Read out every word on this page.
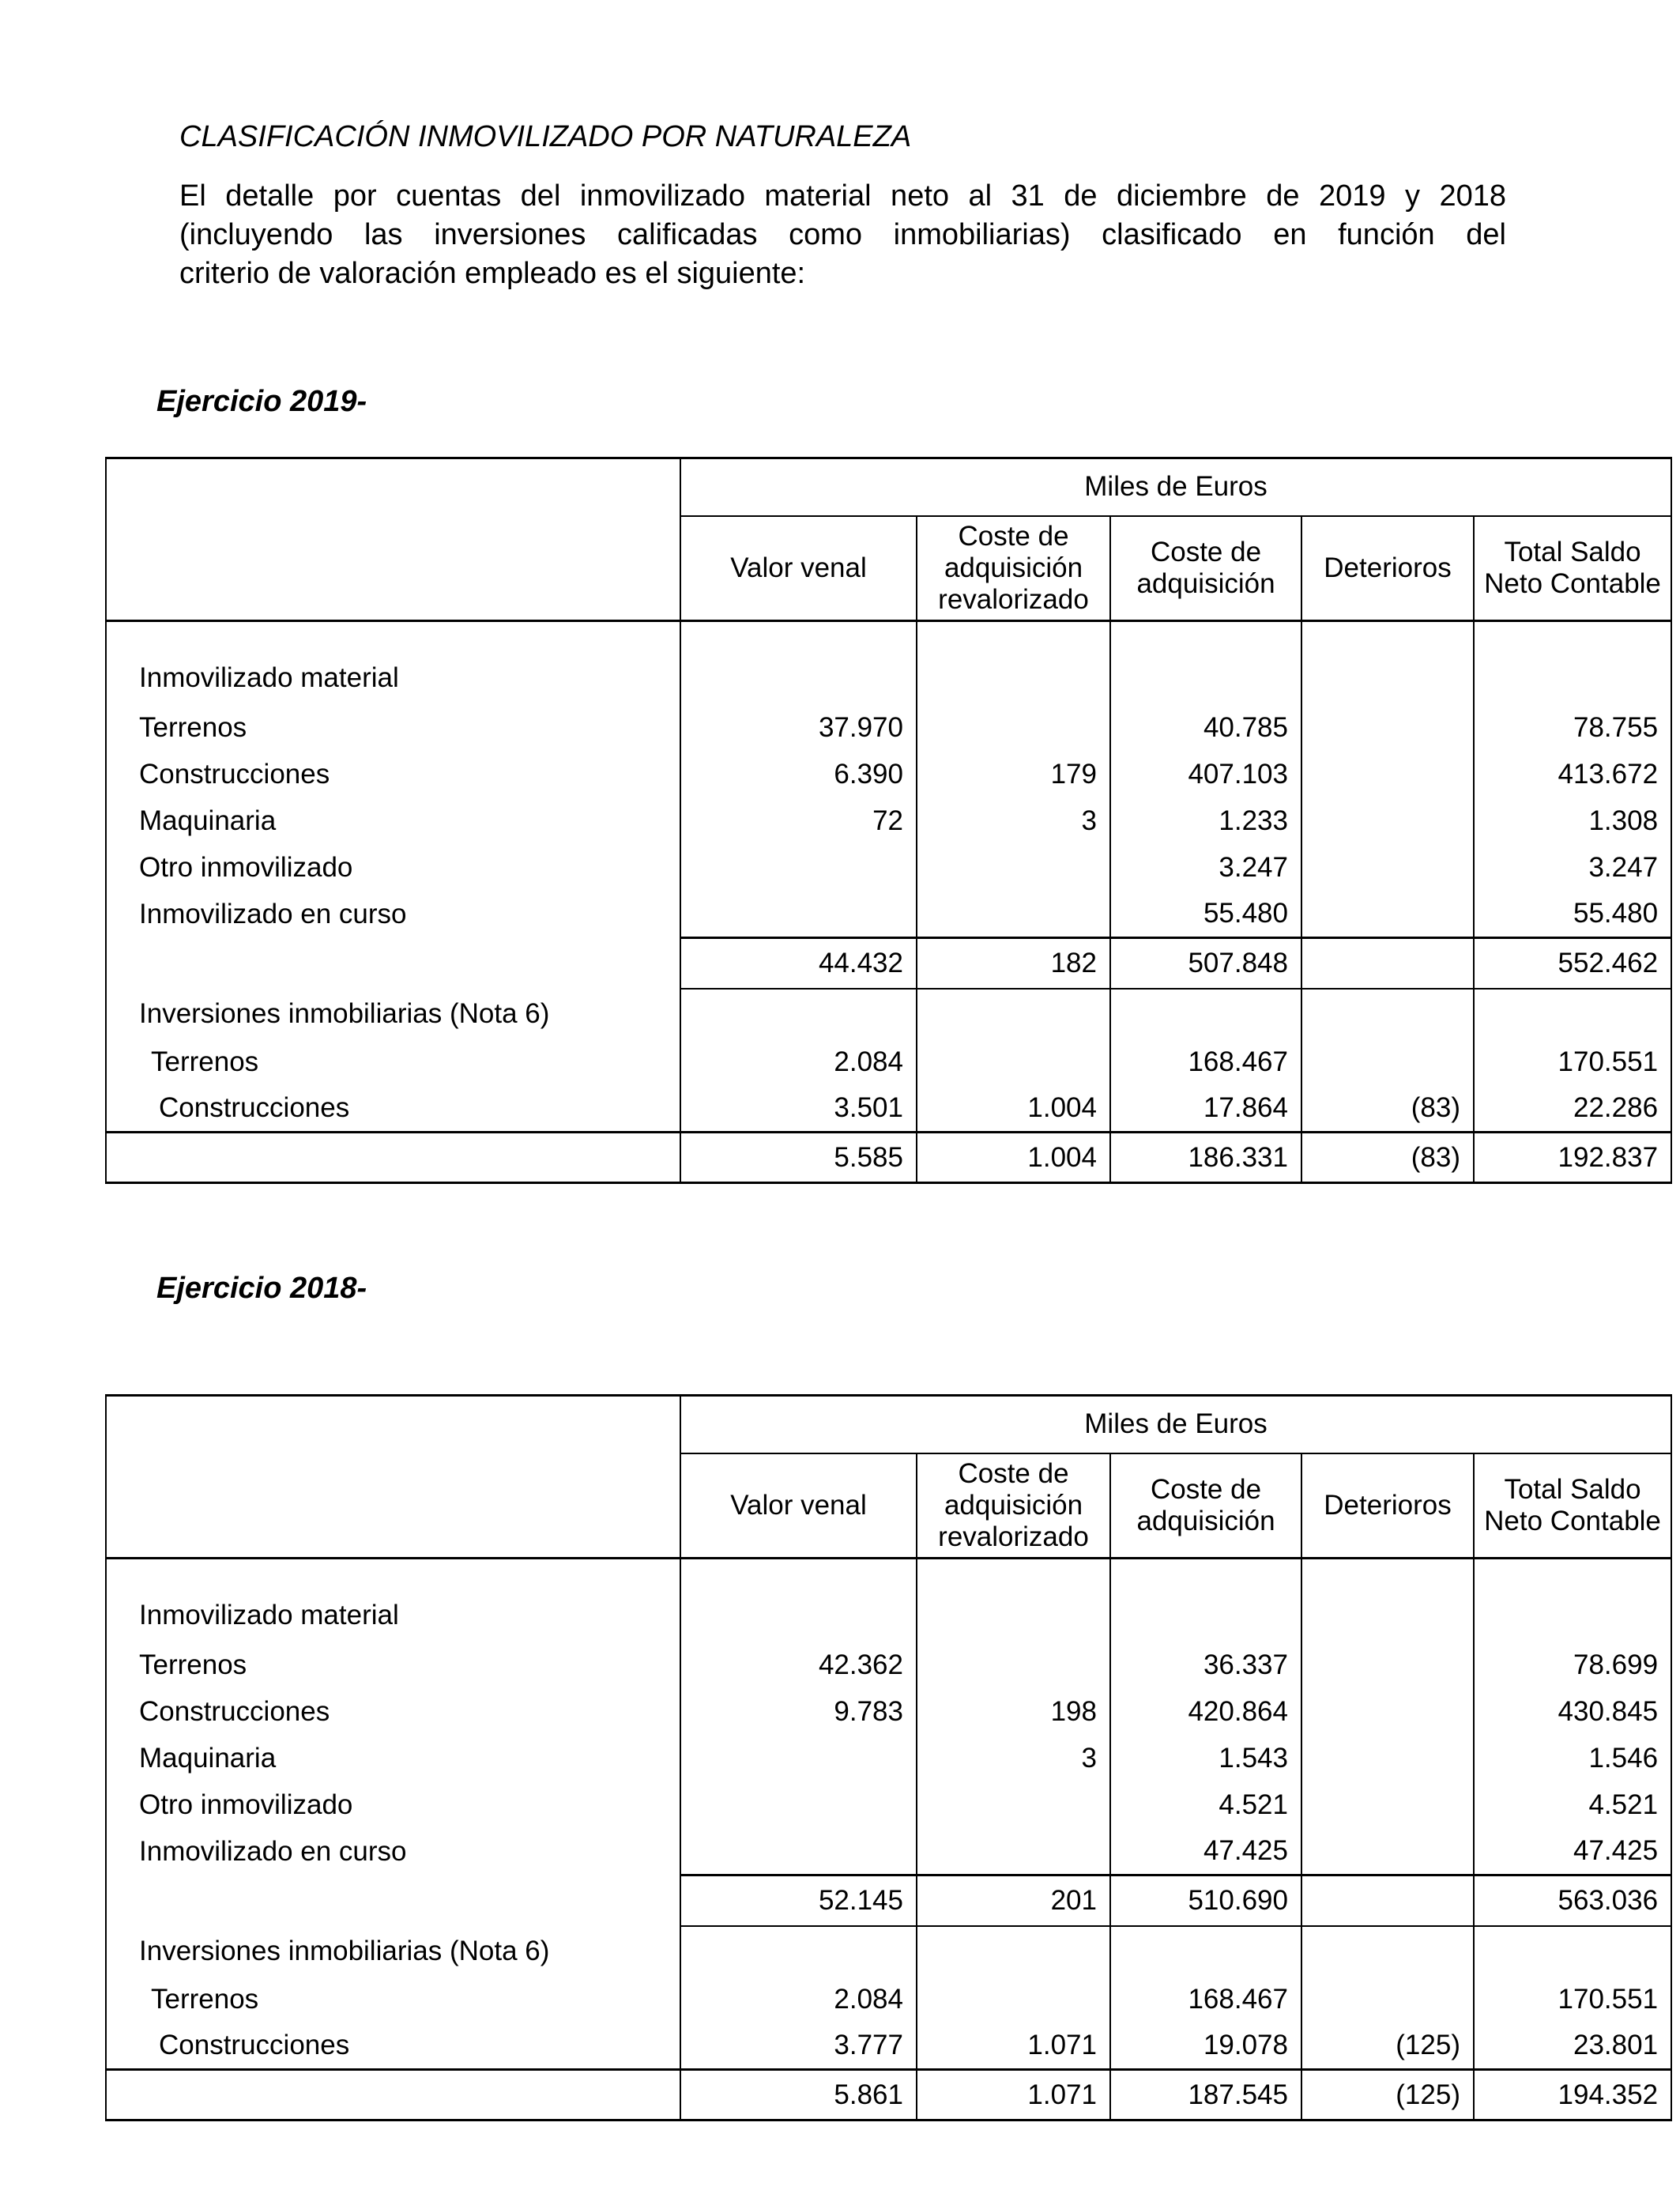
CLASIFICACIÓN INMOVILIZADO POR NATURALEZA

El detalle por cuentas del inmovilizado material neto al 31 de diciembre de 2019 y 2018
(incluyendo las inversiones calificadas como inmobiliarias) clasificado en función del
criterio de valoración empleado es el siguiente:

Ejercicio 2019-
	Miles de Euros				
	Valor venal	Coste de adquisición revalorizado	Coste de adquisición	Deterioros	Total Saldo Neto Contable
Inmovilizado material					
Terrenos	37.970		40.785		78.755
Construcciones	6.390	179	407.103		413.672
Maquinaria	72	3	1.233		1.308
Otro inmovilizado			3.247		3.247
Inmovilizado en curso			55.480		55.480
	44.432	182	507.848		552.462
Inversiones inmobiliarias (Nota 6)					
Terrenos	2.084		168.467		170.551
Construcciones	3.501	1.004	17.864	(83)	22.286
	5.585	1.004	186.331	(83)	192.837
Ejercicio 2018-
	Miles de Euros				
	Valor venal	Coste de adquisición revalorizado	Coste de adquisición	Deterioros	Total Saldo Neto Contable
Inmovilizado material					
Terrenos	42.362		36.337		78.699
Construcciones	9.783	198	420.864		430.845
Maquinaria		3	1.543		1.546
Otro inmovilizado			4.521		4.521
Inmovilizado en curso			47.425		47.425
	52.145	201	510.690		563.036
Inversiones inmobiliarias (Nota 6)					
Terrenos	2.084		168.467		170.551
Construcciones	3.777	1.071	19.078	(125)	23.801
	5.861	1.071	187.545	(125)	194.352
